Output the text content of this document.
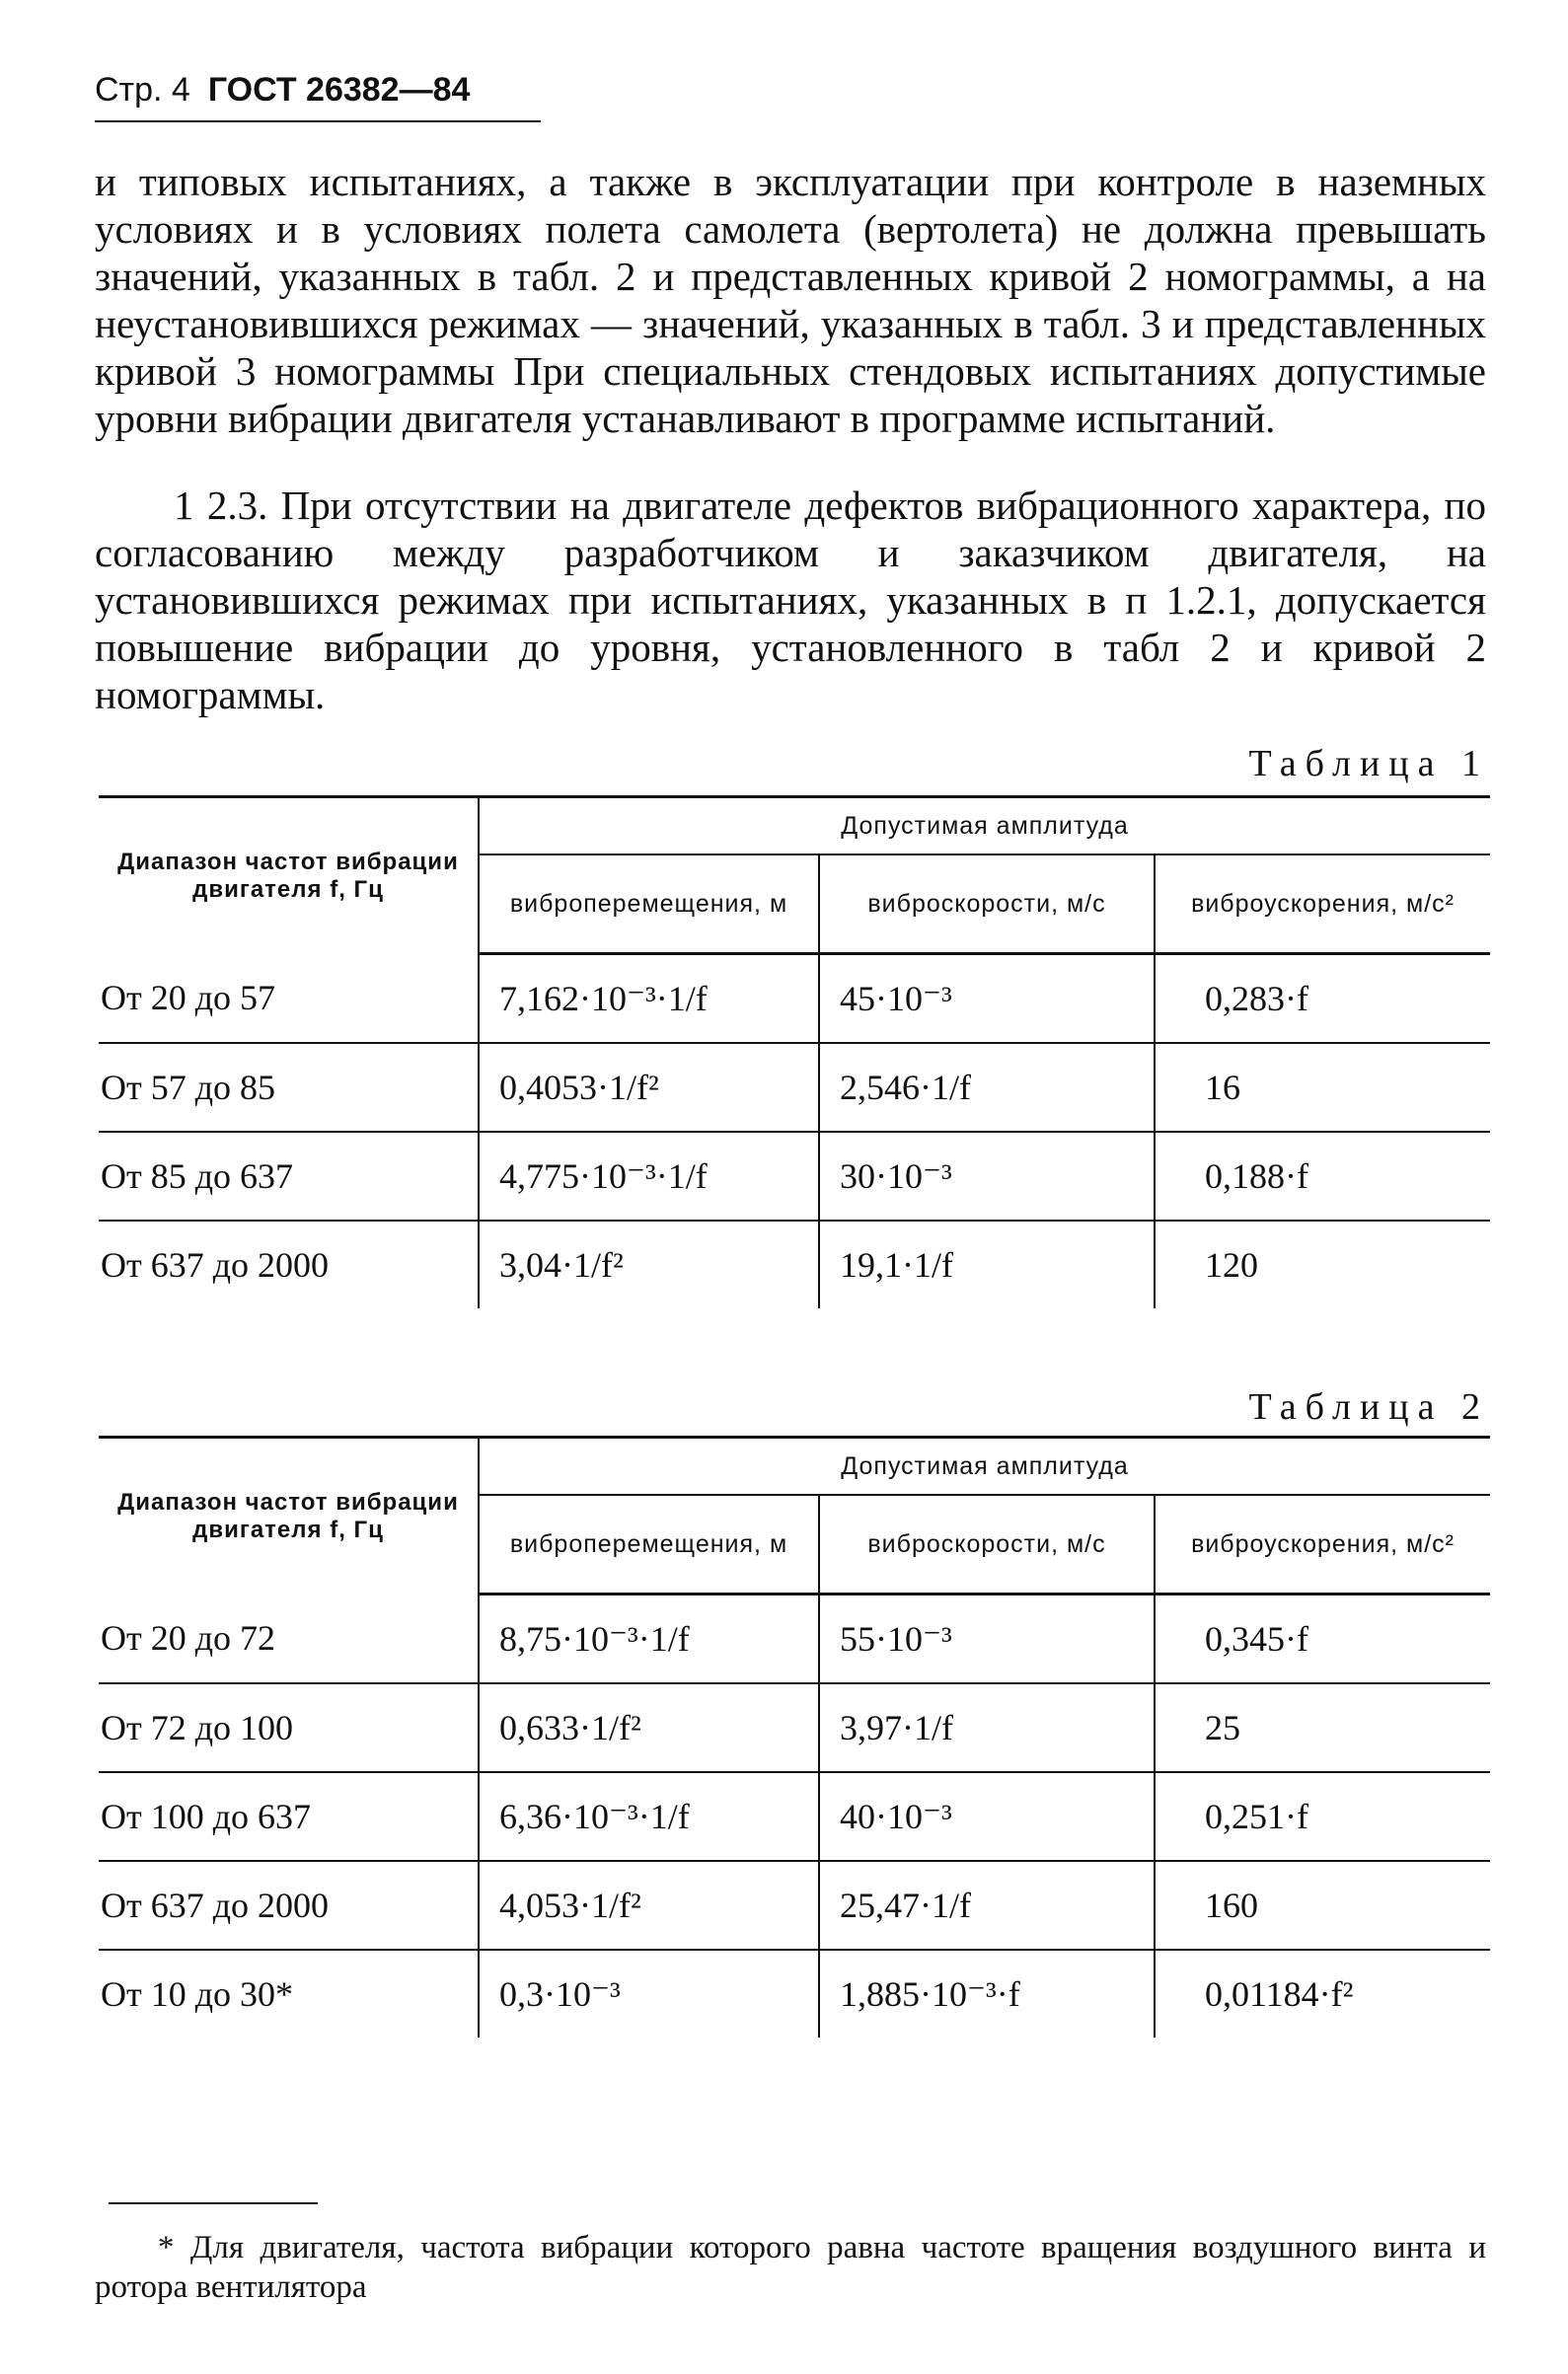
Стр. 4 ГОСТ 26382—84

и типовых испытаниях, а также в эксплуатации при контроле в наземных условиях и в условиях полета самолета (вертолета) не должна превышать значений, указанных в табл. 2 и представленных кривой 2 номограммы, а на неустановившихся режимах — значений, указанных в табл. 3 и представленных кривой 3 номограммы При специальных стендовых испытаниях допустимые уровни вибрации двигателя устанавливают в программе испытаний.

1 2.3. При отсутствии на двигателе дефектов вибрационного характера, по согласованию между разработчиком и заказчиком двигателя, на установившихся режимах при испытаниях, указанных в п 1.2.1, допускается повышение вибрации до уровня, установленного в табл 2 и кривой 2 номограммы.

Таблица 1
Диапазон частот вибрации двигателя f, Гц	Допустимая амплитуда		
	виброперемещения, м	виброскорости, м/с	виброускорения, м/с²
От 20 до 57	7,162·10⁻³·1/f	45·10⁻³	0,283·f
От 57 до 85	0,4053·1/f²	2,546·1/f	16
От 85 до 637	4,775·10⁻³·1/f	30·10⁻³	0,188·f
От 637 до 2000	3,04·1/f²	19,1·1/f	120
Таблица 2
Диапазон частот вибрации двигателя f, Гц	Допустимая амплитуда		
	виброперемещения, м	виброскорости, м/с	виброускорения, м/с²
От 20 до 72	8,75·10⁻³·1/f	55·10⁻³	0,345·f
От 72 до 100	0,633·1/f²	3,97·1/f	25
От 100 до 637	6,36·10⁻³·1/f	40·10⁻³	0,251·f
От 637 до 2000	4,053·1/f²	25,47·1/f	160
От 10 до 30*	0,3·10⁻³	1,885·10⁻³·f	0,01184·f²

* Для двигателя, частота вибрации которого равна частоте вращения воздушного винта и ротора вентилятора
